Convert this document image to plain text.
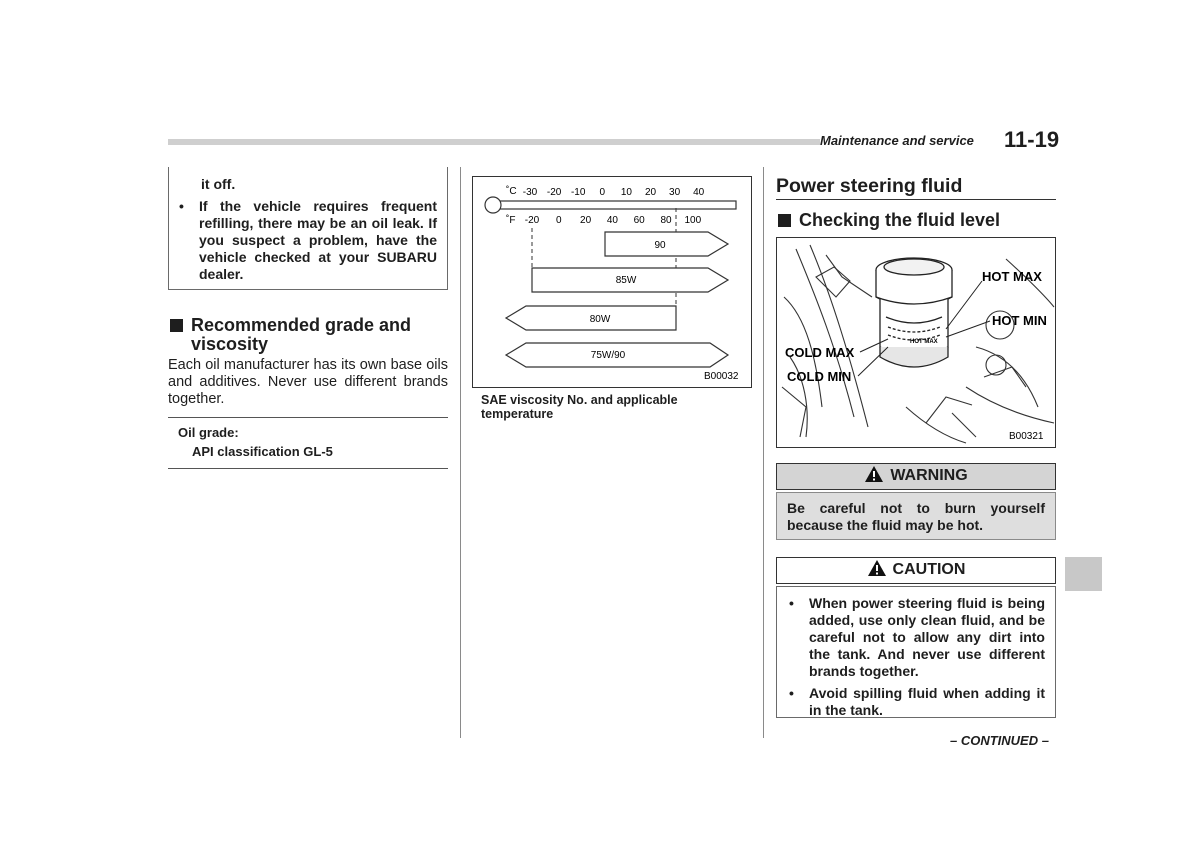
Maintenance and service 11-19
it off.
• If the vehicle requires frequent refilling, there may be an oil leak. If you suspect a problem, have the vehicle checked at your SUBARU dealer.
Recommended grade and
viscosity
Each oil manufacturer has its own base oils and additives. Never use different brands together.
Oil grade:
API classification GL-5
˚C
˚F
-30 -20 -10 0 10 20 30 40
-20 0 20 40 60 80 100
90
85W
80W
75W/90
B00032
SAE viscosity No. and applicable temperature
Power steering fluid
Checking the fluid level
HOT MAX
HOT MAX
HOT MIN
COLD MAX
COLD MIN
B00321
WARNING
Be careful not to burn yourself because the fluid may be hot.
CAUTION
• When power steering fluid is being added, use only clean fluid, and be careful not to allow any dirt into the tank. And never use different brands together.
• Avoid spilling fluid when adding it in the tank.
– CONTINUED –
